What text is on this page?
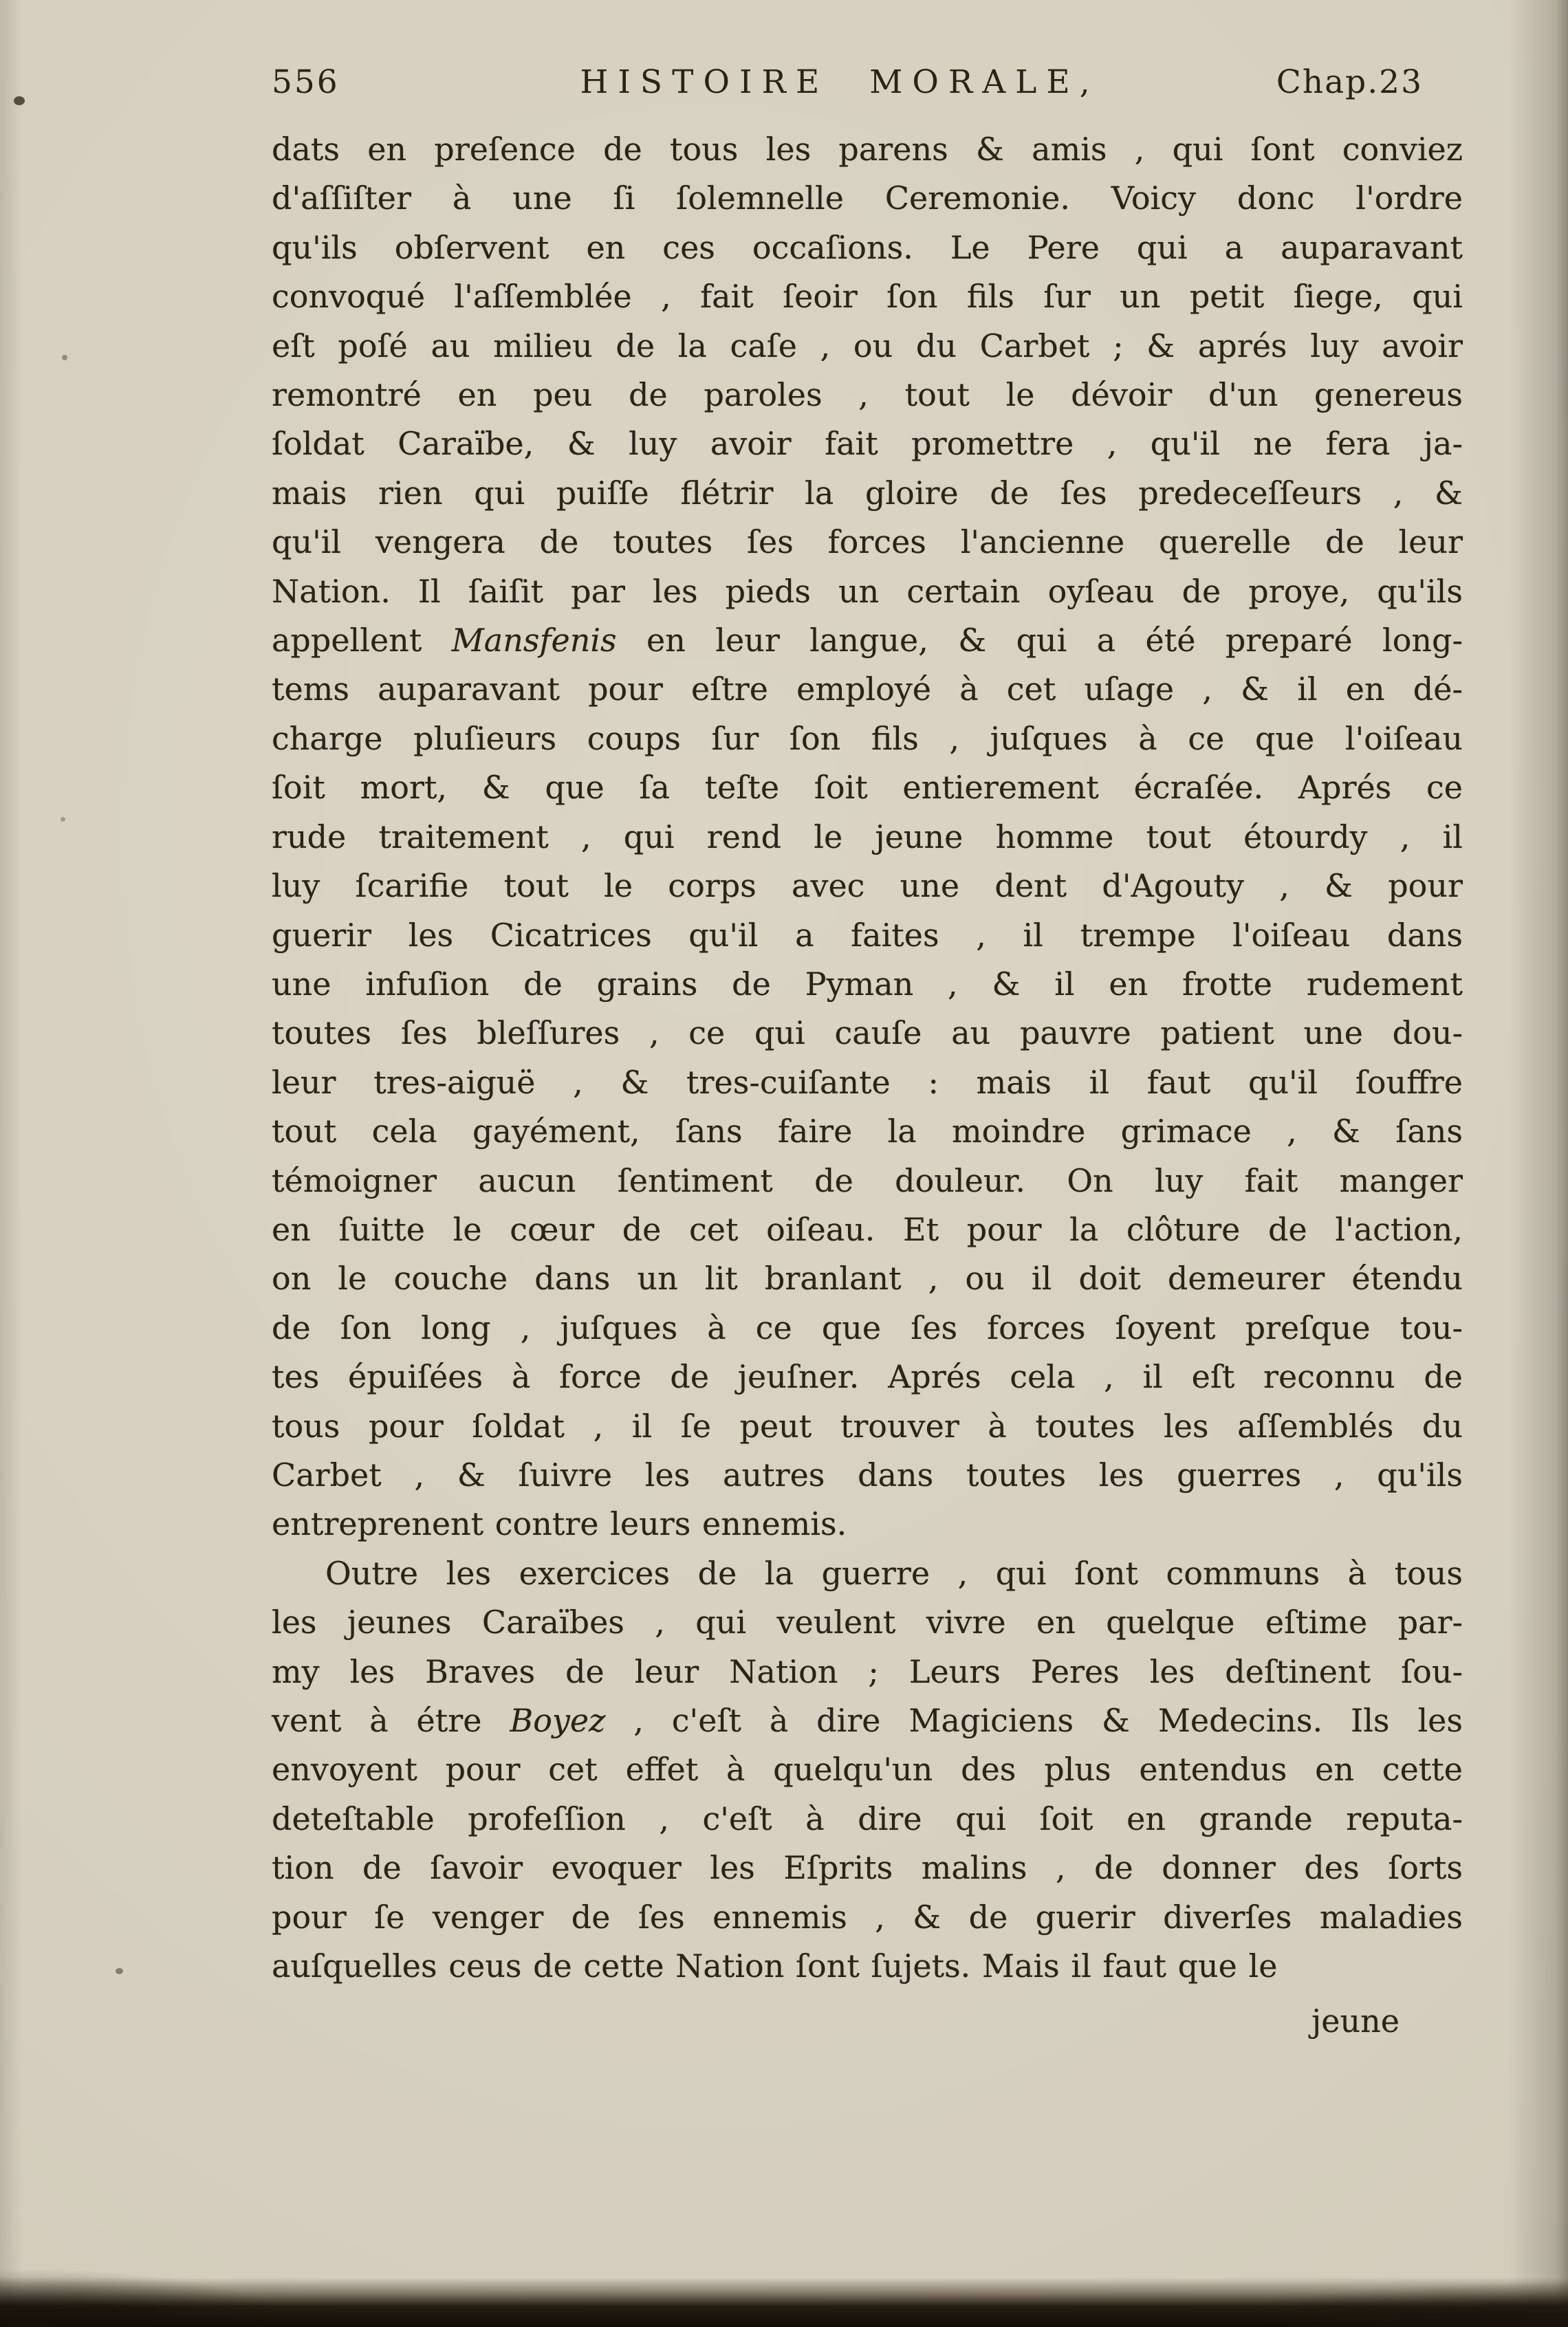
556	HISTOIRE MORALE,	Chap.23
dats en preſence de tous les parens & amis , qui ſont conviez
d'aſſiſter à une ſi ſolemnelle Ceremonie. Voicy donc l'ordre
qu'ils obſervent en ces occaſions. Le Pere qui a auparavant
convoqué l'aſſemblée , fait ſeoir ſon fils ſur un petit ſiege, qui
eſt poſé au milieu de la caſe , ou du Carbet ; & aprés luy avoir
remontré en peu de paroles , tout le dévoir d'un genereus
ſoldat Caraïbe, & luy avoir fait promettre , qu'il ne fera ja-
mais rien qui puiſſe flétrir la gloire de ſes predeceſſeurs , &
qu'il vengera de toutes ſes forces l'ancienne querelle de leur
Nation. Il ſaiſit par les pieds un certain oyſeau de proye, qu'ils
appellent Mansfenis en leur langue, & qui a été preparé long-
tems auparavant pour eſtre employé à cet uſage , & il en dé-
charge pluſieurs coups ſur ſon fils , juſques à ce que l'oiſeau
ſoit mort, & que ſa teſte ſoit entierement écraſée. Aprés ce
rude traitement , qui rend le jeune homme tout étourdy , il
luy ſcarifie tout le corps avec une dent d'Agouty , & pour
guerir les Cicatrices qu'il a faites , il trempe l'oiſeau dans
une infuſion de grains de Pyman , & il en frotte rudement
toutes ſes bleſſures , ce qui cauſe au pauvre patient une dou-
leur tres-aiguë , & tres-cuiſante : mais il faut qu'il ſouffre
tout cela gayément, ſans faire la moindre grimace , & ſans
témoigner aucun ſentiment de douleur. On luy fait manger
en ſuitte le cœur de cet oiſeau. Et pour la clôture de l'action,
on le couche dans un lit branlant , ou il doit demeurer étendu
de ſon long , juſques à ce que ſes forces ſoyent preſque tou-
tes épuiſées à force de jeuſner. Aprés cela , il eſt reconnu de
tous pour ſoldat , il ſe peut trouver à toutes les aſſemblés du
Carbet , & ſuivre les autres dans toutes les guerres , qu'ils
entreprenent contre leurs ennemis.
Outre les exercices de la guerre , qui ſont communs à tous
les jeunes Caraïbes , qui veulent vivre en quelque eſtime par-
my les Braves de leur Nation ; Leurs Peres les deſtinent ſou-
vent à étre Boyez , c'eſt à dire Magiciens & Medecins. Ils les
envoyent pour cet effet à quelqu'un des plus entendus en cette
deteſtable profeſſion , c'eſt à dire qui ſoit en grande reputa-
tion de ſavoir evoquer les Eſprits malins , de donner des ſorts
pour ſe venger de ſes ennemis , & de guerir diverſes maladies
auſquelles ceus de cette Nation ſont ſujets. Mais il faut que le
jeune
